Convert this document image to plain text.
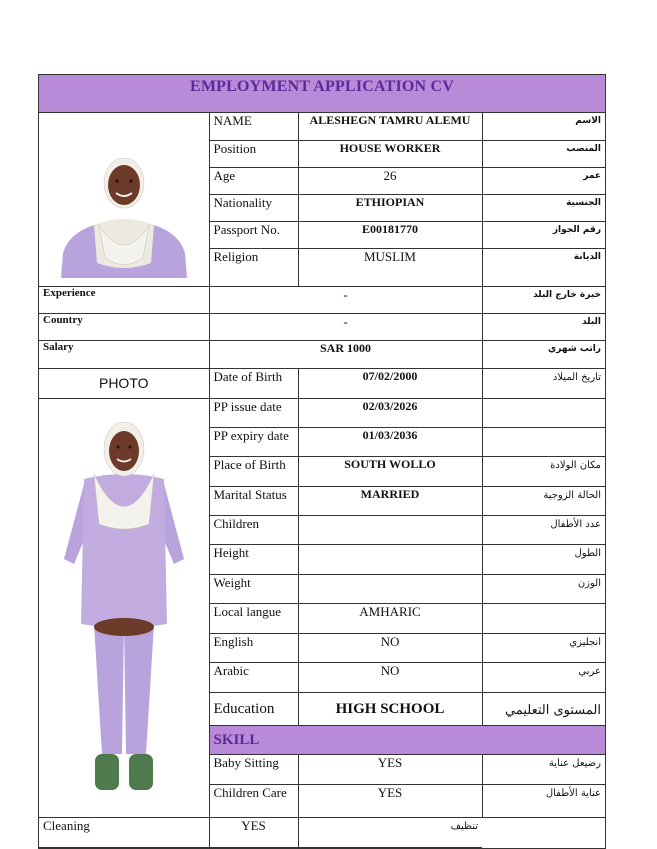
EMPLOYMENT APPLICATION CV
	NAME	ALESHEGN TAMRU ALEMU	الاسم
	Position	HOUSE WORKER	المنصب
	Age	26	عمر
	Nationality	ETHIOPIAN	الجنسية
	Passport No.	E00181770	رقم الجواز
	Religion	MUSLIM	الديانة
Experience	-		خبرة خارج البلد
Country	-		البلد
Salary	SAR 1000		راتب شهري
PHOTO	Date of Birth	07/02/2000	تاريخ الميلاد

	PP issue date	02/03/2026	
	PP expiry date	01/03/2036	
	Place of Birth	SOUTH WOLLO	مكان الولادة
	Marital Status	MARRIED	الحالة الزوجية
	Children		عدد الأطفال
	Height		الطول
	Weight		الوزن
	Local langue	AMHARIC	
	English	NO	انجليزي
	Arabic	NO	عربي
	Education	HIGH SCHOOL	المستوى التعليمي
	SKILL		
	Baby Sitting	YES	رضيعل عناية
	Children Care	YES	عناية الأطفال
Cleaning	YES	تنظيف	
